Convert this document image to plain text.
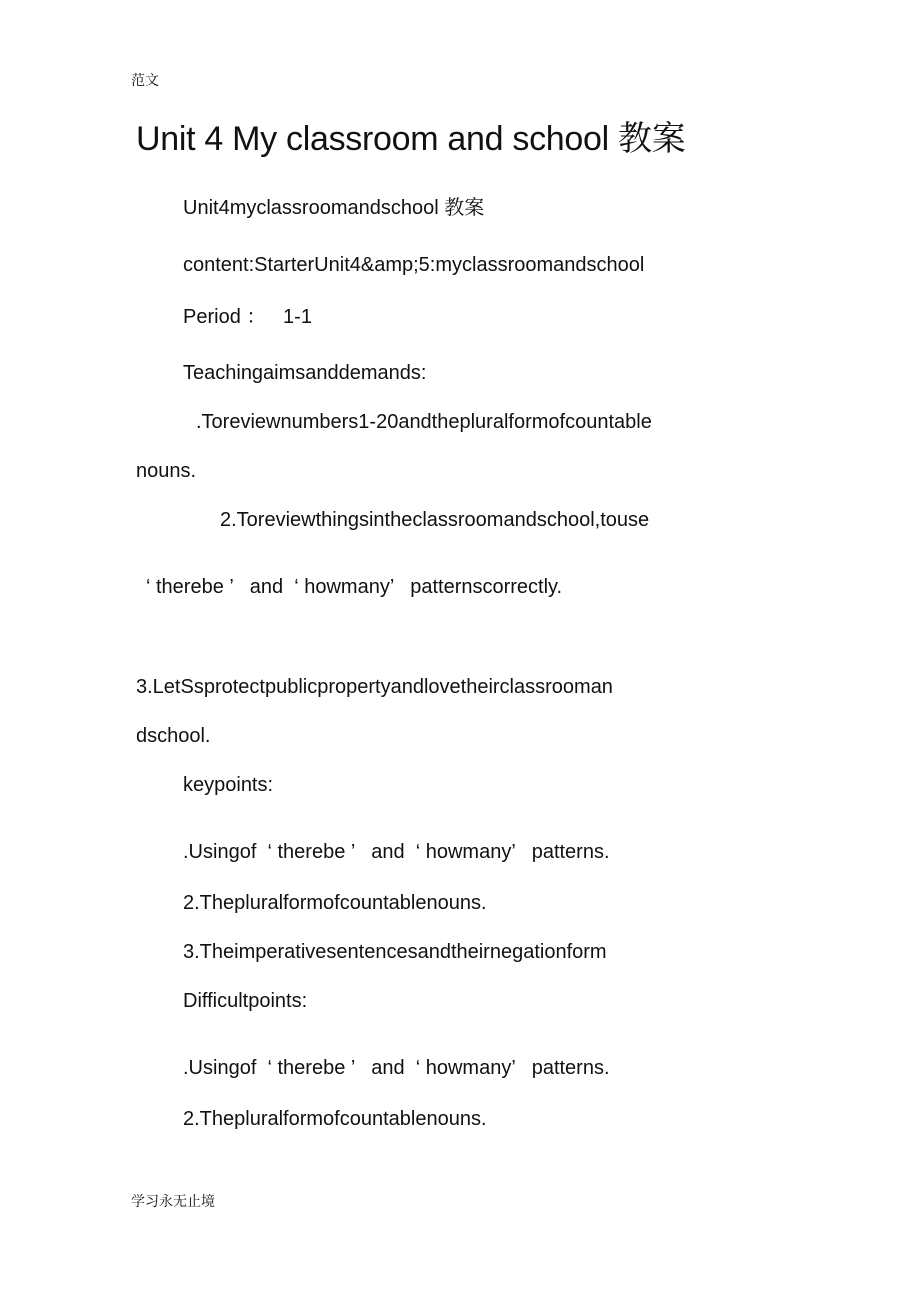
范文
Unit 4 My classroom and school 教案
Unit4myclassroomandschool 教案
content:StarterUnit4&amp;5:myclassroomandschool
Period ：   1-1
Teachingaimsanddemands:
.Toreviewnumbers1-20andthepluralformofcountable
nouns.
2.Toreviewthingsintheclassroomandschool,touse
‘ therebe ’   and  ‘ howmany’   patternscorrectly.
3.LetSsprotectpublicpropertyandlovetheirclassrooman
dschool.
keypoints:
.Usingof  ‘ therebe ’   and  ‘ howmany’   patterns.
2.Thepluralformofcountablenouns.
3.Theimperativesentencesandtheirnegationform
Difficultpoints:
.Usingof  ‘ therebe ’   and  ‘ howmany’   patterns.
2.Thepluralformofcountablenouns.
学习永无止境
